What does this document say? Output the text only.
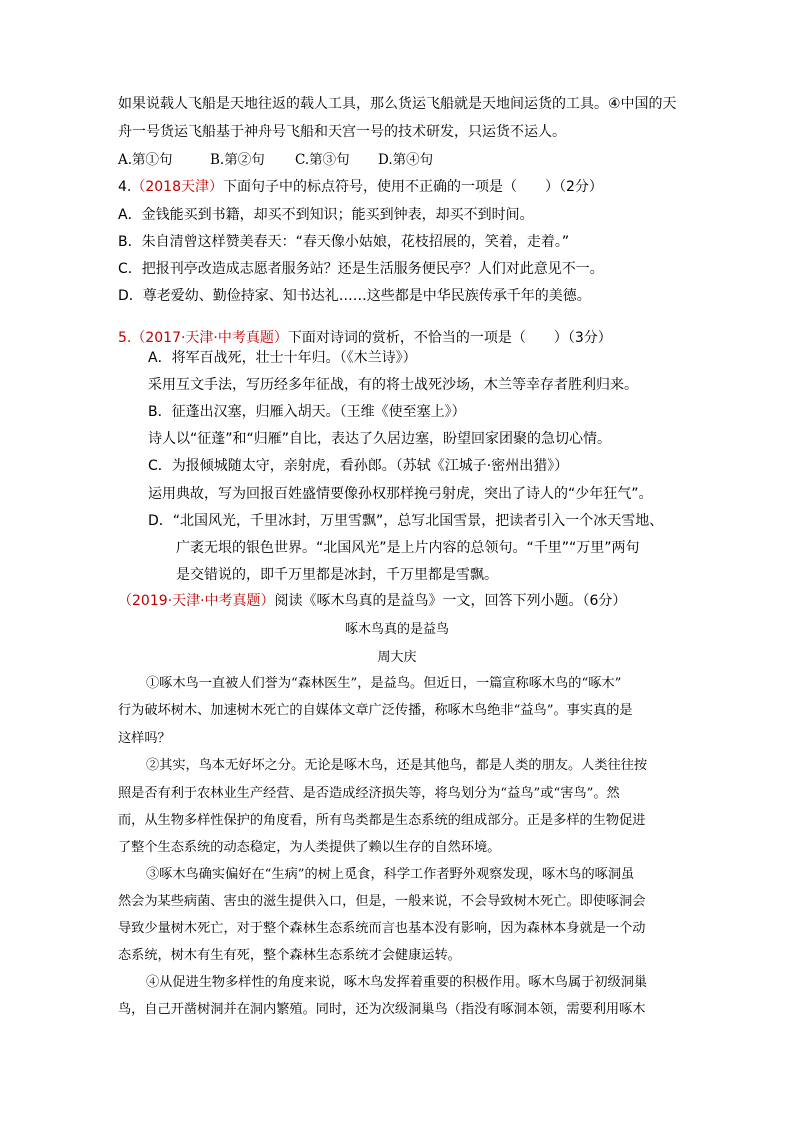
如果说载人飞船是天地往返的载人工具，那么货运飞船就是天地间运货的工具。④中国的天
舟一号货运飞船基于神舟号飞船和天宫一号的技术研发，只运货不运人。
A.第①句	B.第②句 C.第③句 D.第④句
4.（2018天津）下面句子中的标点符号，使用不正确的一项是（　　）（2分）
A．金钱能买到书籍，却买不到知识；能买到钟表，却买不到时间。
B．朱自清曾这样赞美春天：“春天像小姑娘，花枝招展的，笑着，走着。”
C．把报刊亭改造成志愿者服务站？还是生活服务便民亭？人们对此意见不一。
D．尊老爱幼、勤俭持家、知书达礼……这些都是中华民族传承千年的美德。
5.（2017·天津·中考真题）下面对诗词的赏析，不恰当的一项是（　　）（3分）
A．将军百战死，壮士十年归。（《木兰诗》）
采用互文手法，写历经多年征战，有的将士战死沙场，木兰等幸存者胜利归来。
B．征蓬出汉塞，归雁入胡天。（王维《使至塞上》）
诗人以“征蓬”和“归雁”自比，表达了久居边塞，盼望回家团聚的急切心情。
C．为报倾城随太守，亲射虎，看孙郎。（苏轼《江城子·密州出猎》）
运用典故，写为回报百姓盛情要像孙权那样挽弓射虎，突出了诗人的“少年狂气”。
D．“北国风光，千里冰封，万里雪飘”，总写北国雪景，把读者引入一个冰天雪地、
广袤无垠的银色世界。“北国风光”是上片内容的总领句。“千里”“万里”两句
是交错说的，即千万里都是冰封，千万里都是雪飘。
（2019·天津·中考真题）阅读《啄木鸟真的是益鸟》一文，回答下列小题。（6分）
啄木鸟真的是益鸟
周大庆
①啄木鸟一直被人们誉为“森林医生”，是益鸟。但近日，一篇宣称啄木鸟的“啄木”
行为破坏树木、加速树木死亡的自媒体文章广泛传播，称啄木鸟绝非“益鸟”。事实真的是
这样吗？
②其实，鸟本无好坏之分。无论是啄木鸟，还是其他鸟，都是人类的朋友。人类往往按
照是否有利于农林业生产经营、是否造成经济损失等，将鸟划分为“益鸟”或“害鸟”。然
而，从生物多样性保护的角度看，所有鸟类都是生态系统的组成部分。正是多样的生物促进
了整个生态系统的动态稳定，为人类提供了赖以生存的自然环境。
③啄木鸟确实偏好在“生病”的树上觅食，科学工作者野外观察发现，啄木鸟的啄洞虽
然会为某些病菌、害虫的滋生提供入口，但是，一般来说，不会导致树木死亡。即使啄洞会
导致少量树木死亡，对于整个森林生态系统而言也基本没有影响，因为森林本身就是一个动
态系统，树木有生有死，整个森林生态系统才会健康运转。
④从促进生物多样性的角度来说，啄木鸟发挥着重要的积极作用。啄木鸟属于初级洞巢
鸟，自己开凿树洞并在洞内繁殖。同时，还为次级洞巢鸟（指没有啄洞本领，需要利用啄木
